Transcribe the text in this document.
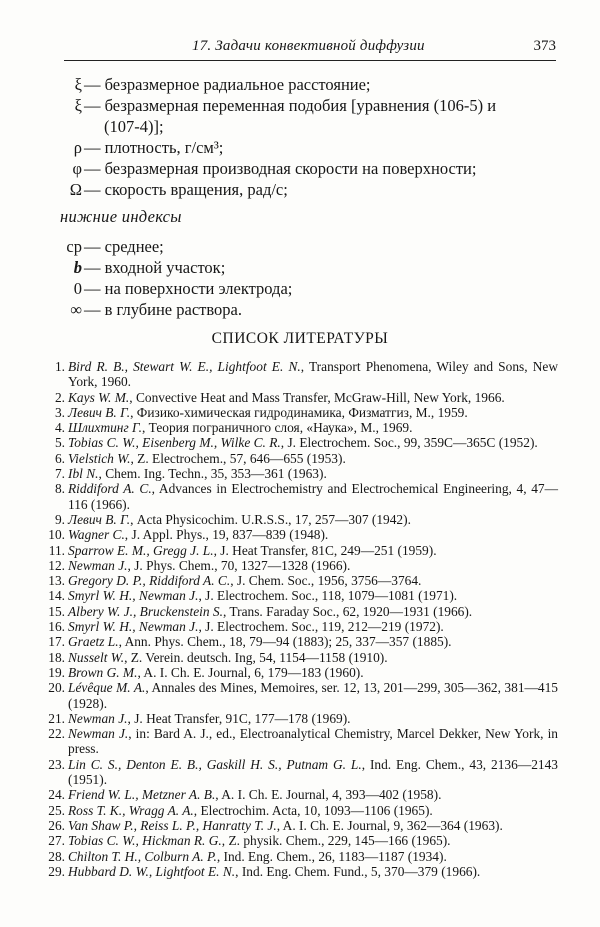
17. Задачи конвективной диффузии	373
ξ — безразмерное радиальное расстояние;
ξ — безразмерная переменная подобия [уравнения (106-5) и
(107-4)];
ρ — плотность, г/см³;
φ — безразмерная производная скорости на поверхности;
Ω — скорость вращения, рад/с;
нижние индексы
ср — среднее;
b — входной участок;
0 — на поверхности электрода;
∞ — в глубине раствора.
СПИСОК ЛИТЕРАТУРЫ
1. Bird R. B., Stewart W. E., Lightfoot E. N., Transport Phenomena, Wiley and Sons, New York, 1960.
2. Kays W. M., Convective Heat and Mass Transfer, McGraw-Hill, New York, 1966.
3. Левич В. Г., Физико-химическая гидродинамика, Физматгиз, М., 1959.
4. Шлихтинг Г., Теория пограничного слоя, «Наука», М., 1969.
5. Tobias C. W., Eisenberg M., Wilke C. R., J. Electrochem. Soc., 99, 359C—365C (1952).
6. Vielstich W., Z. Electrochem., 57, 646—655 (1953).
7. Ibl N., Chem. Ing. Techn., 35, 353—361 (1963).
8. Riddiford A. C., Advances in Electrochemistry and Electrochemical Engineering, 4, 47—116 (1966).
9. Левич В. Г., Acta Physicochim. U.R.S.S., 17, 257—307 (1942).
10. Wagner C., J. Appl. Phys., 19, 837—839 (1948).
11. Sparrow E. M., Gregg J. L., J. Heat Transfer, 81C, 249—251 (1959).
12. Newman J., J. Phys. Chem., 70, 1327—1328 (1966).
13. Gregory D. P., Riddiford A. C., J. Chem. Soc., 1956, 3756—3764.
14. Smyrl W. H., Newman J., J. Electrochem. Soc., 118, 1079—1081 (1971).
15. Albery W. J., Bruckenstein S., Trans. Faraday Soc., 62, 1920—1931 (1966).
16. Smyrl W. H., Newman J., J. Electrochem. Soc., 119, 212—219 (1972).
17. Graetz L., Ann. Phys. Chem., 18, 79—94 (1883); 25, 337—357 (1885).
18. Nusselt W., Z. Verein. deutsch. Ing, 54, 1154—1158 (1910).
19. Brown G. M., A. I. Ch. E. Journal, 6, 179—183 (1960).
20. Lévêque M. A., Annales des Mines, Memoires, ser. 12, 13, 201—299, 305—362, 381—415 (1928).
21. Newman J., J. Heat Transfer, 91C, 177—178 (1969).
22. Newman J., in: Bard A. J., ed., Electroanalytical Chemistry, Marcel Dekker, New York, in press.
23. Lin C. S., Denton E. B., Gaskill H. S., Putnam G. L., Ind. Eng. Chem., 43, 2136—2143 (1951).
24. Friend W. L., Metzner A. B., A. I. Ch. E. Journal, 4, 393—402 (1958).
25. Ross T. K., Wragg A. A., Electrochim. Acta, 10, 1093—1106 (1965).
26. Van Shaw P., Reiss L. P., Hanratty T. J., A. I. Ch. E. Journal, 9, 362—364 (1963).
27. Tobias C. W., Hickman R. G., Z. physik. Chem., 229, 145—166 (1965).
28. Chilton T. H., Colburn A. P., Ind. Eng. Chem., 26, 1183—1187 (1934).
29. Hubbard D. W., Lightfoot E. N., Ind. Eng. Chem. Fund., 5, 370—379 (1966).
